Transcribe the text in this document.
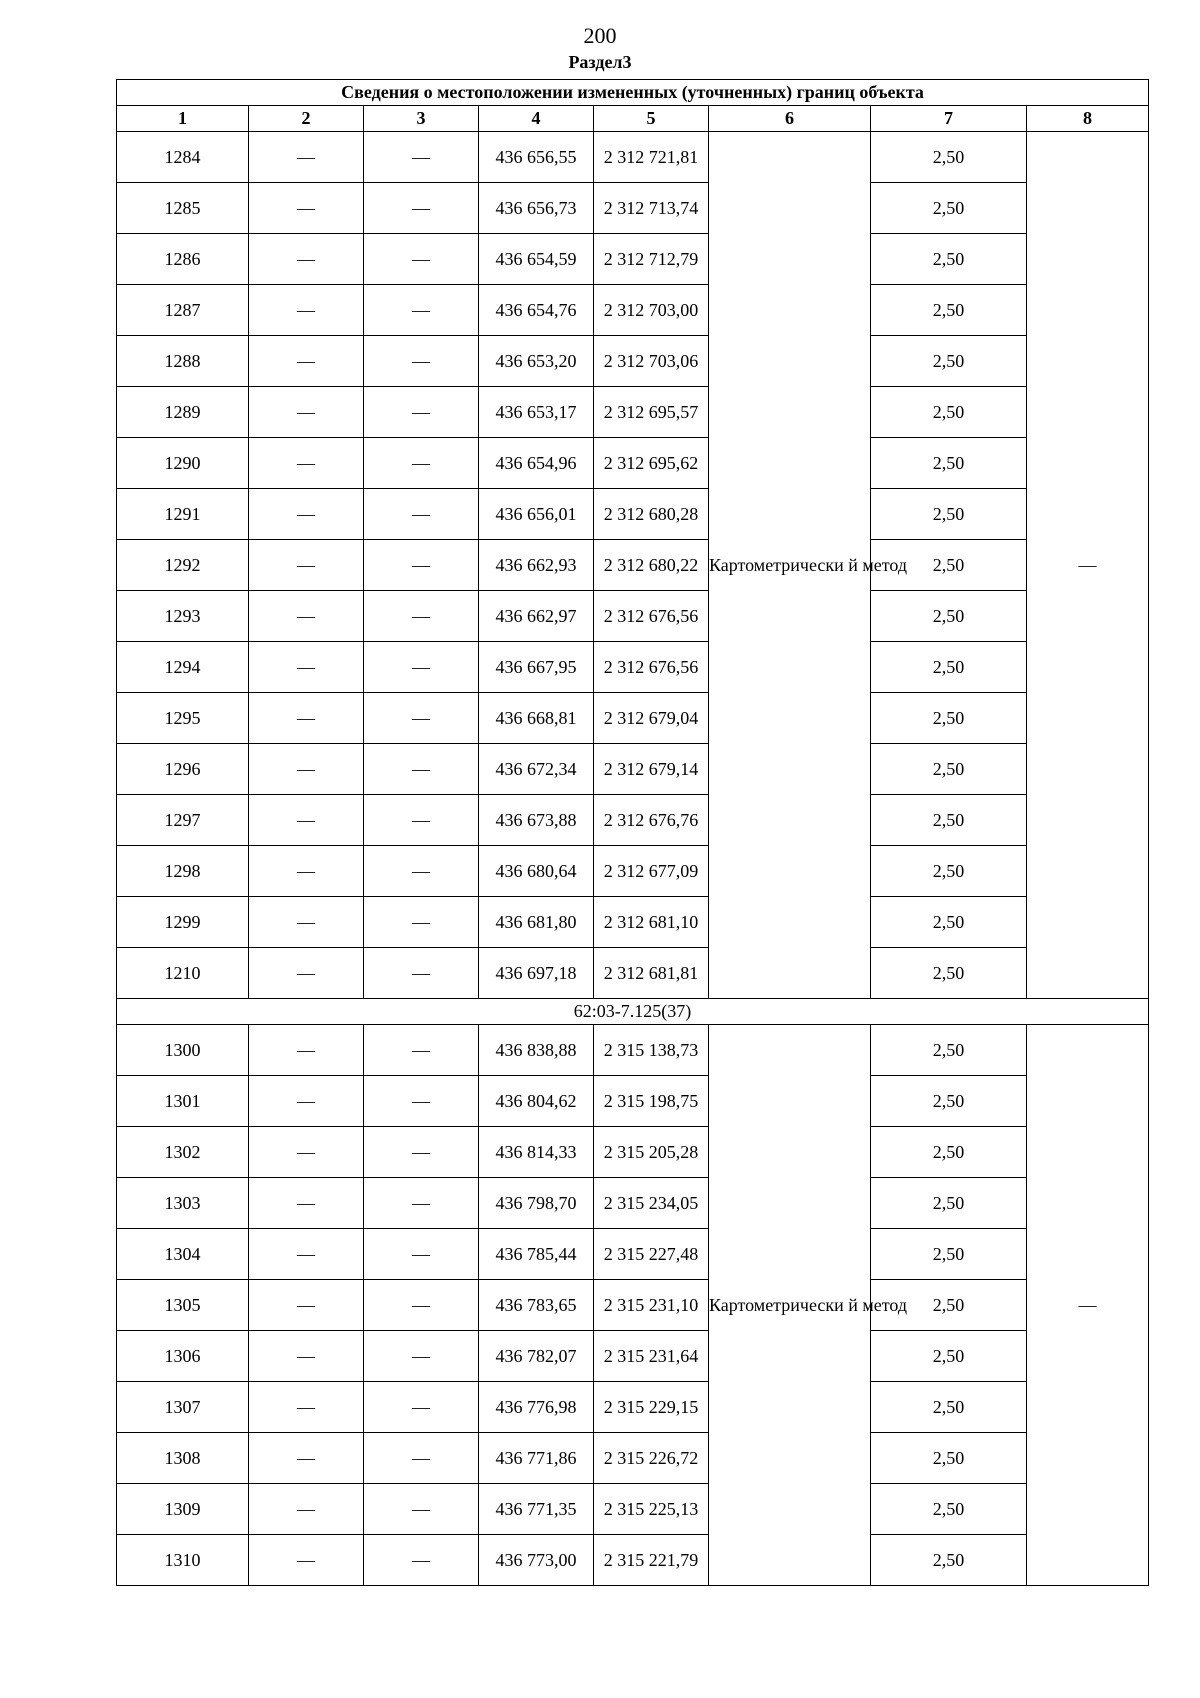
200
Раздел3
Сведения о местоположении измененных (уточненных) границ объекта							
1	2	3	4	5	6	7	8
1284	—	—	436 656,55	2 312 721,81	Картометрически й метод	2,50	—
1285	—	—	436 656,73	2 312 713,74		2,50	
1286	—	—	436 654,59	2 312 712,79		2,50	
1287	—	—	436 654,76	2 312 703,00		2,50	
1288	—	—	436 653,20	2 312 703,06		2,50	
1289	—	—	436 653,17	2 312 695,57		2,50	
1290	—	—	436 654,96	2 312 695,62		2,50	
1291	—	—	436 656,01	2 312 680,28		2,50	
1292	—	—	436 662,93	2 312 680,22		2,50	
1293	—	—	436 662,97	2 312 676,56		2,50	
1294	—	—	436 667,95	2 312 676,56		2,50	
1295	—	—	436 668,81	2 312 679,04		2,50	
1296	—	—	436 672,34	2 312 679,14		2,50	
1297	—	—	436 673,88	2 312 676,76		2,50	
1298	—	—	436 680,64	2 312 677,09		2,50	
1299	—	—	436 681,80	2 312 681,10		2,50	
1210	—	—	436 697,18	2 312 681,81		2,50	
62:03-7.125(37)							
1300	—	—	436 838,88	2 315 138,73	Картометрически й метод	2,50	—
1301	—	—	436 804,62	2 315 198,75		2,50	
1302	—	—	436 814,33	2 315 205,28		2,50	
1303	—	—	436 798,70	2 315 234,05		2,50	
1304	—	—	436 785,44	2 315 227,48		2,50	
1305	—	—	436 783,65	2 315 231,10		2,50	
1306	—	—	436 782,07	2 315 231,64		2,50	
1307	—	—	436 776,98	2 315 229,15		2,50	
1308	—	—	436 771,86	2 315 226,72		2,50	
1309	—	—	436 771,35	2 315 225,13		2,50	
1310	—	—	436 773,00	2 315 221,79		2,50	
